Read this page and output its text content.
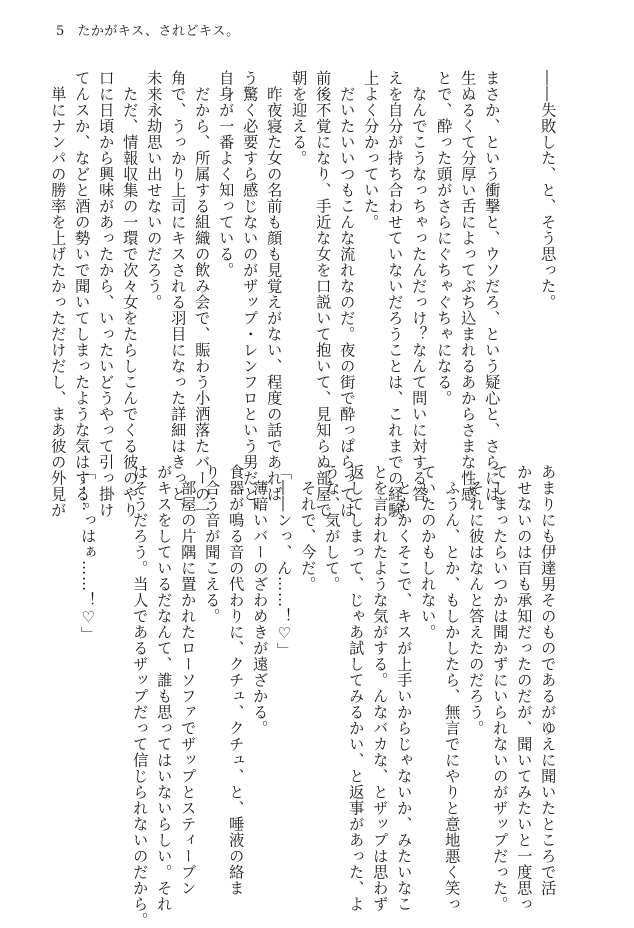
5 たかがキス、されどキス。
――失敗した、と、そう思った。
まさか、という衝撃と、ウソだろ、という疑心と、さらには
生ぬるくて分厚い舌によってぶち込まれるあからさまな性感
とで、酔った頭がさらにぐちゃぐちゃになる。
なんでこうなっちゃったんだっけ？なんて問いに対する答
えを自分が持ち合わせていないだろうことは、これまでの経験
上よく分かっていた。
だいたいいつもこんな流れなのだ。夜の街で酔っぱらっては
前後不覚になり、手近な女を口説いて抱いて、見知らぬ部屋で
朝を迎える。
昨夜寝た女の名前も顔も見覚えがない、程度の話であれば
う驚く必要すら感じないのがザップ・レンフロという男だと、
自身が一番よく知っている。
だから、所属する組織の飲み会で、賑わう小洒落たバーの一
角で、うっかり上司にキスされる羽目になった詳細はきっと、
未来永劫思い出せないのだろう。
ただ、情報収集の一環で次々女をたらしこんでくる彼のやり
口に日頃から興味があったから、いったいどうやって引っ掛け
てんスか、などと酒の勢いで聞いてしまったような気はする。
単にナンパの勝率を上げたかっただけだし、まあ彼の外見が
あまりにも伊達男そのものであるがゆえに聞いたところで活
かせないのは百も承知だったのだが、聞いてみたいと一度思っ
てしまったらいつかは聞かずにいられないのがザップだった。
それに彼はなんと答えたのだろう。
ふうん、とか、もしかしたら、無言でにやりと意地悪く笑っ
ていたのかもしれない。
ともかくそこで、キスが上手いからじゃないか、みたいなこ
とを言われたような気がする。んなバカな、とザップは思わず
返してしまって、じゃあ試してみるかい、と返事があった、よ
うな、気がして。
それで、今だ。
「――ンっ、ん……！♡」
薄暗いバーのざわめきが遠ざかる。
食器が鳴る音の代わりに、クチュ、クチュ、と、唾液の絡ま
り合う音が聞こえる。
部屋の片隅に置かれたローソファでザップとスティーブン
がキスをしているだなんて、誰も思ってはいないらしい。それ
はそうだろう。当人であるザップだって信じられないのだから。
「……っはぁ……！♡」
